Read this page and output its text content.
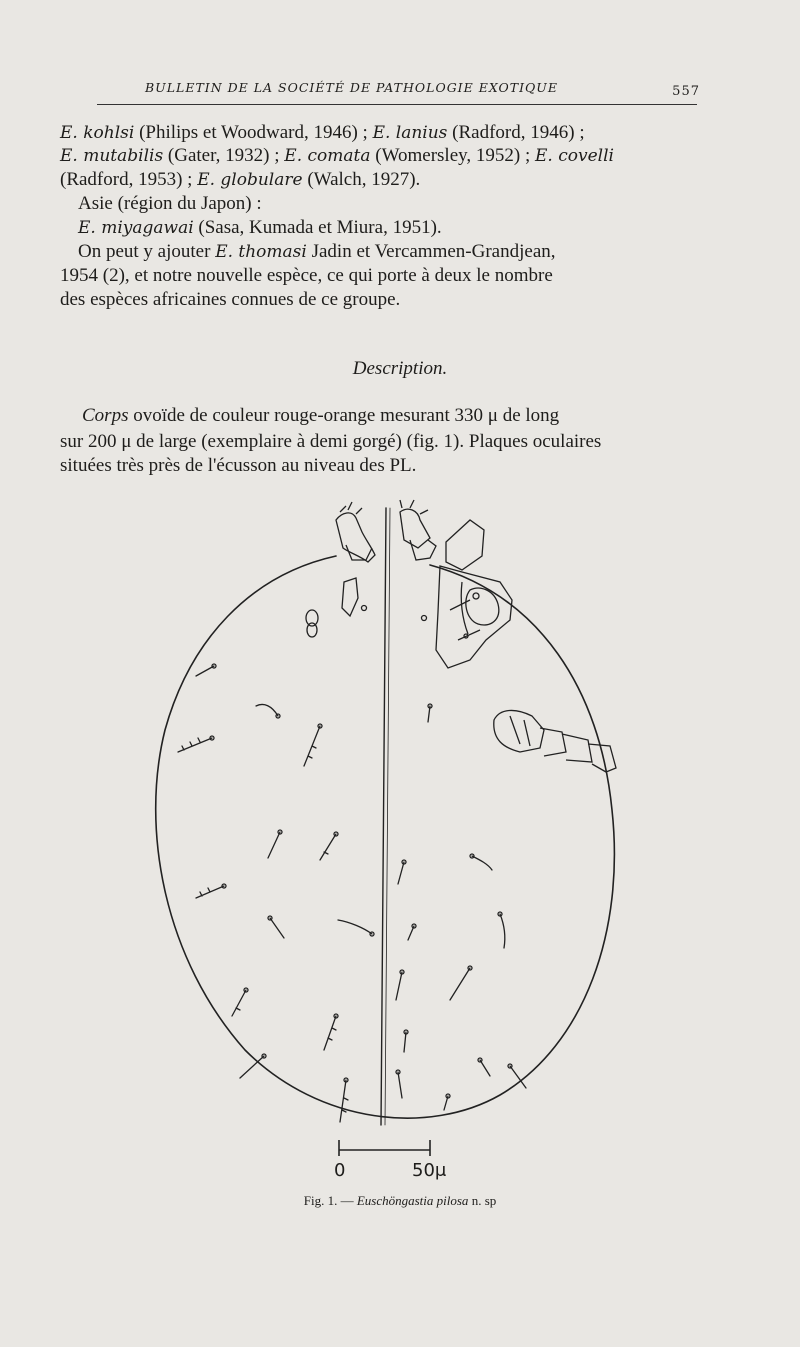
BULLETIN DE LA SOCIÉTÉ DE PATHOLOGIE EXOTIQUE	557
E. kohlsi (Philips et Woodward, 1946) ; E. lanius (Radford, 1946) ;
E. mutabilis (Gater, 1932) ; E. comata (Womersley, 1952) ; E. covelli
(Radford, 1953) ; E. globulare (Walch, 1927).
Asie (région du Japon) :
E. miyagawai (Sasa, Kumada et Miura, 1951).
On peut y ajouter E. thomasi Jadin et Vercammen-Grandjean,
1954 (2), et notre nouvelle espèce, ce qui porte à deux le nombre
des espèces africaines connues de ce groupe.
Description.
Corps ovoïde de couleur rouge-orange mesurant 330 μ de long
sur 200 μ de large (exemplaire à demi gorgé) (fig. 1). Plaques oculaires
situées très près de l'écusson au niveau des PL.
0	50μ
Fig. 1. — Euschöngastia pilosa n. sp
